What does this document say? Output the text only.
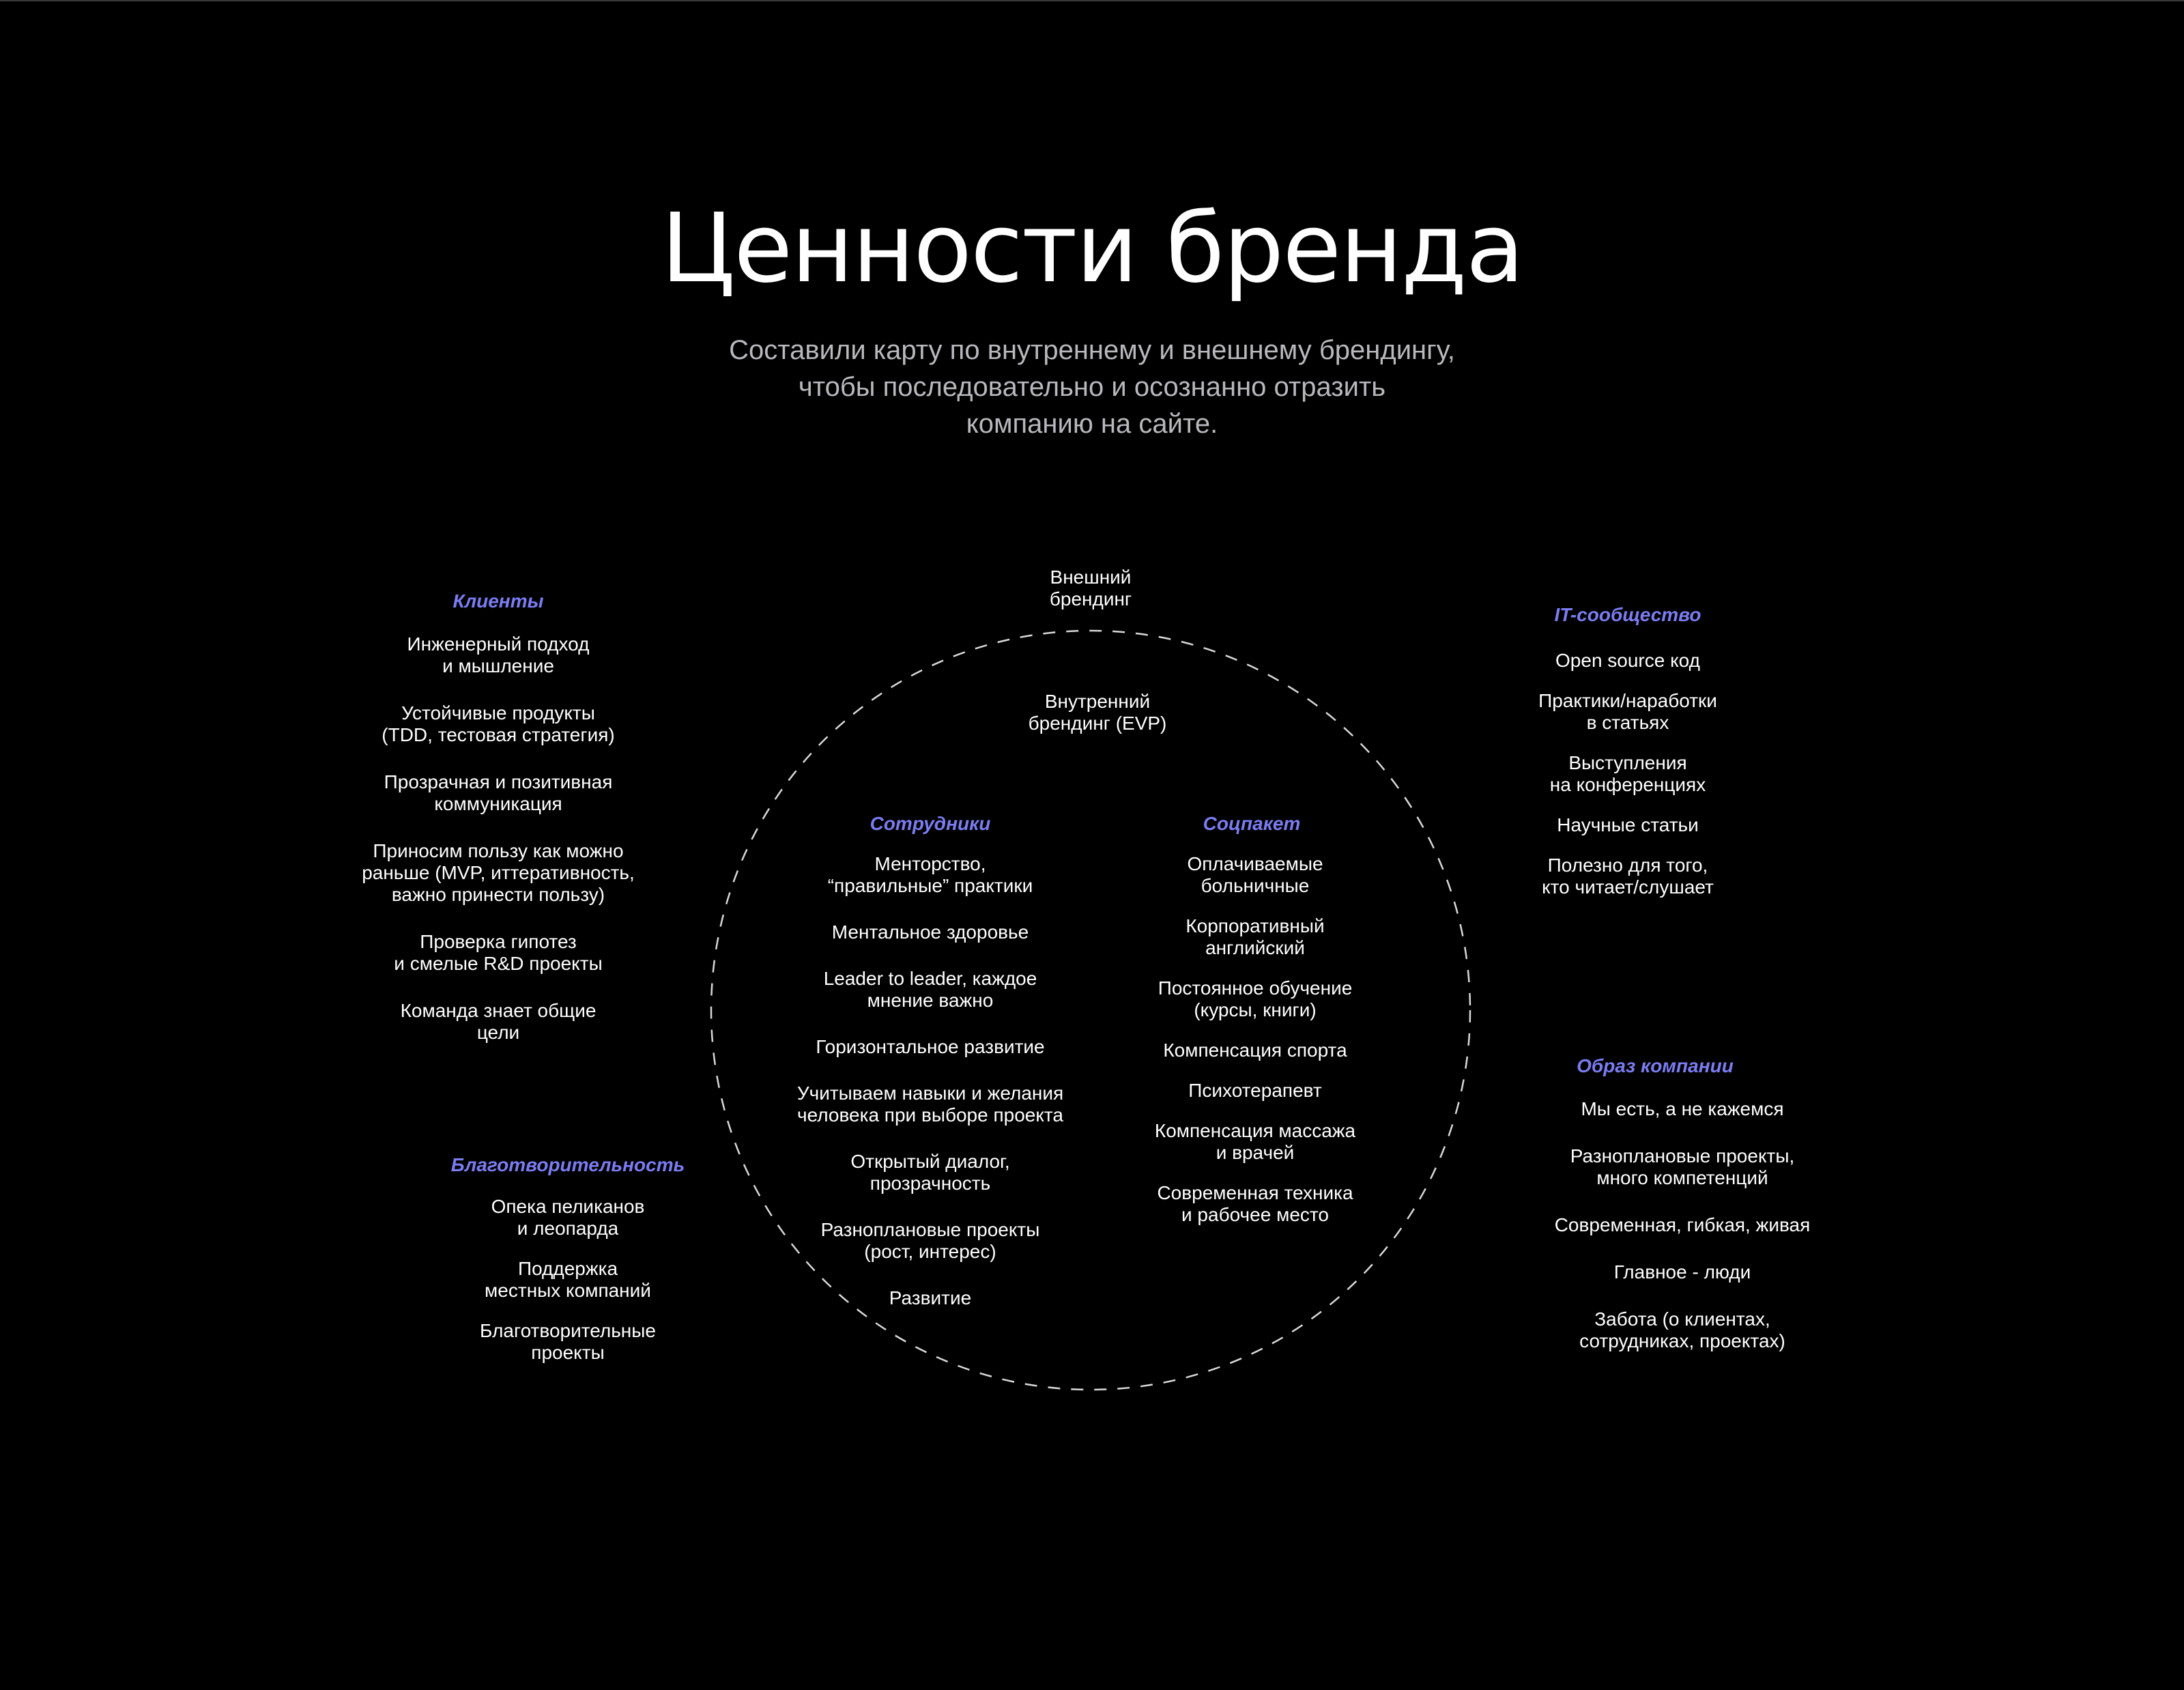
Ценности бренда
Составили карту по внутреннему и внешнему брендингу,
чтобы последовательно и осознанно отразить
компанию на сайте.
Внешний
брендинг
Внутренний
брендинг (EVP)
Клиенты
Инженерный подход
и мышление
Устойчивые продукты
(TDD, тестовая стратегия)
Прозрачная и позитивная
коммуникация
Приносим пользу как можно
раньше (MVP, иттеративность,
важно принести пользу)
Проверка гипотез
и смелые R&D проекты
Команда знает общие
цели
Благотворительность
Опека пеликанов
и леопарда
Поддержка
местных компаний
Благотворительные
проекты
Сотрудники
Менторство,
“правильные” практики
Ментальное здоровье
Leader to leader, каждое
мнение важно
Горизонтальное развитие
Учитываем навыки и желания
человека при выборе проекта
Открытый диалог,
прозрачность
Разноплановые проекты
(рост, интерес)
Развитие
Соцпакет
Оплачиваемые
больничные
Корпоративный
английский
Постоянное обучение
(курсы, книги)
Компенсация спорта
Психотерапевт
Компенсация массажа
и врачей
Современная техника
и рабочее место
IT-сообщество
Open source код
Практики/наработки
в статьях
Выступления
на конференциях
Научные статьи
Полезно для того,
кто читает/слушает
Образ компании
Мы есть, а не кажемся
Разноплановые проекты,
много компетенций
Современная, гибкая, живая
Главное - люди
Забота (о клиентах,
сотрудниках, проектах)
